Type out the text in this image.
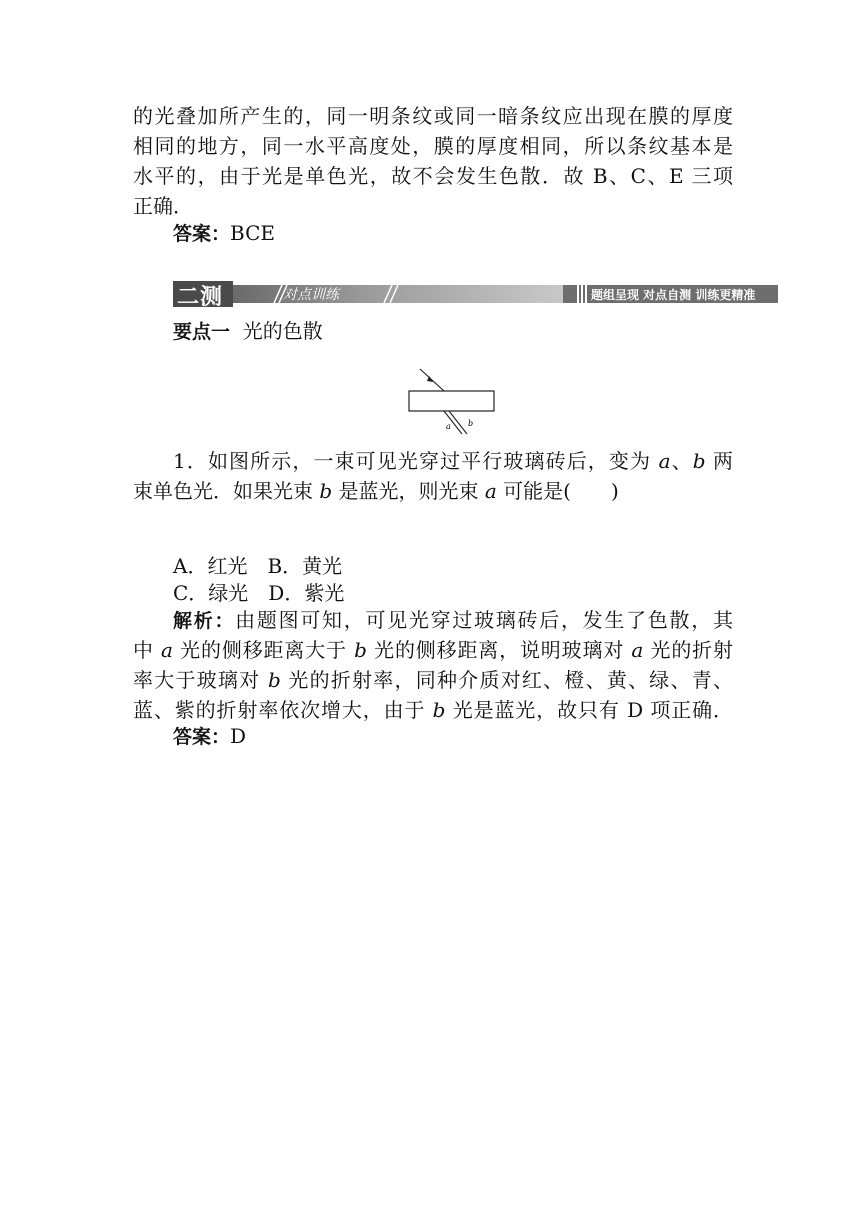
的光叠加所产生的，同一明条纹或同一暗条纹应出现在膜的厚度
相同的地方，同一水平高度处，膜的厚度相同，所以条纹基本是
水平的，由于光是单色光，故不会发生色散．故 B、C、E 三项
正确．
答案：BCE
对点训练	题组呈现 对点自测 训练更精准
二测
要点一 光的色散
a b
1．如图所示，一束可见光穿过平行玻璃砖后，变为 a、b 两
束单色光．如果光束 b 是蓝光，则光束 a 可能是(　　)
A．红光　B．黄光
C．绿光　D．紫光
解析：由题图可知，可见光穿过玻璃砖后，发生了色散，其
中 a 光的侧移距离大于 b 光的侧移距离，说明玻璃对 a 光的折射
率大于玻璃对 b 光的折射率，同种介质对红、橙、黄、绿、青、
蓝、紫的折射率依次增大，由于 b 光是蓝光，故只有 D 项正确．
答案：D
